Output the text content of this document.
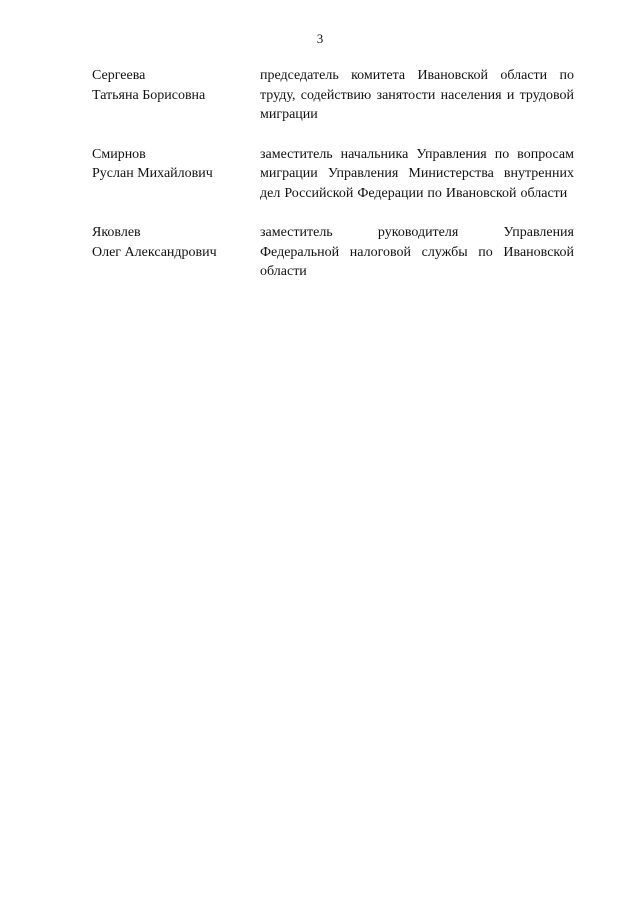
3
Сергеева
Татьяна Борисовна
председатель комитета Ивановской области по труду, содействию занятости населения и трудовой миграции
Смирнов
Руслан Михайлович
заместитель начальника Управления по вопросам миграции Управления Министерства внутренних дел Российской Федерации по Ивановской области
Яковлев
Олег Александрович
заместитель руководителя Управления Федеральной налоговой службы по Ивановской области
